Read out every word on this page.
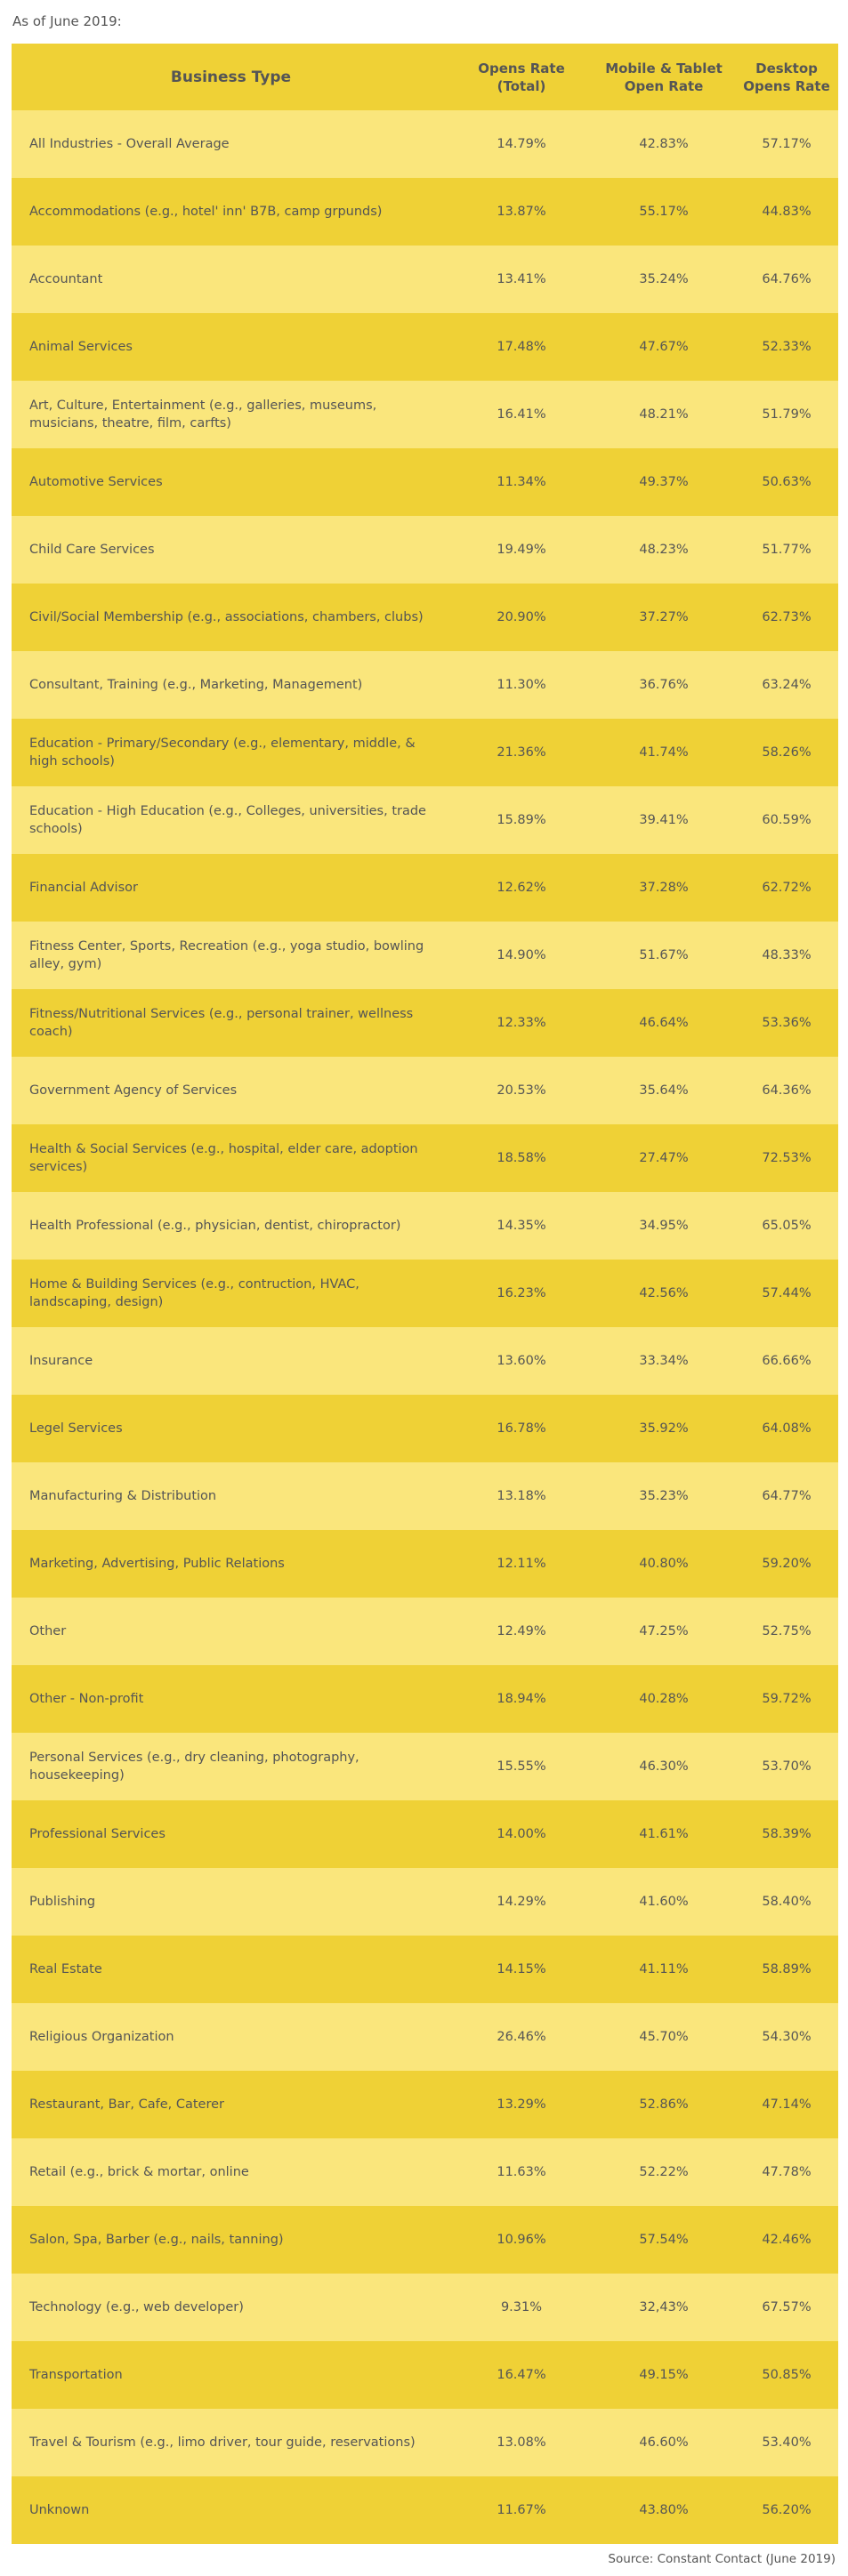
As of June 2019:
Business Type	Opens Rate (Total)	Mobile & Tablet Open Rate	Desktop Opens Rate
All Industries - Overall Average	14.79%	42.83%	57.17%
Accommodations (e.g., hotel' inn' B7B, camp grpunds)	13.87%	55.17%	44.83%
Accountant	13.41%	35.24%	64.76%
Animal Services	17.48%	47.67%	52.33%
Art, Culture, Entertainment (e.g., galleries, museums, musicians, theatre, film, carfts)	16.41%	48.21%	51.79%
Automotive Services	11.34%	49.37%	50.63%
Child Care Services	19.49%	48.23%	51.77%
Civil/Social Membership (e.g., associations, chambers, clubs)	20.90%	37.27%	62.73%
Consultant, Training (e.g., Marketing, Management)	11.30%	36.76%	63.24%
Education - Primary/Secondary (e.g., elementary, middle, & high schools)	21.36%	41.74%	58.26%
Education - High Education (e.g., Colleges, universities, trade schools)	15.89%	39.41%	60.59%
Financial Advisor	12.62%	37.28%	62.72%
Fitness Center, Sports, Recreation (e.g., yoga studio, bowling alley, gym)	14.90%	51.67%	48.33%
Fitness/Nutritional Services (e.g., personal trainer, wellness coach)	12.33%	46.64%	53.36%
Government Agency of Services	20.53%	35.64%	64.36%
Health & Social Services (e.g., hospital, elder care, adoption services)	18.58%	27.47%	72.53%
Health Professional (e.g., physician, dentist, chiropractor)	14.35%	34.95%	65.05%
Home & Building Services (e.g., contruction, HVAC, landscaping, design)	16.23%	42.56%	57.44%
Insurance	13.60%	33.34%	66.66%
Legel Services	16.78%	35.92%	64.08%
Manufacturing & Distribution	13.18%	35.23%	64.77%
Marketing, Advertising, Public Relations	12.11%	40.80%	59.20%
Other	12.49%	47.25%	52.75%
Other - Non-profit	18.94%	40.28%	59.72%
Personal Services (e.g., dry cleaning, photography, housekeeping)	15.55%	46.30%	53.70%
Professional Services	14.00%	41.61%	58.39%
Publishing	14.29%	41.60%	58.40%
Real Estate	14.15%	41.11%	58.89%
Religious Organization	26.46%	45.70%	54.30%
Restaurant, Bar, Cafe, Caterer	13.29%	52.86%	47.14%
Retail (e.g., brick & mortar, online	11.63%	52.22%	47.78%
Salon, Spa, Barber (e.g., nails, tanning)	10.96%	57.54%	42.46%
Technology (e.g., web developer)	9.31%	32,43%	67.57%
Transportation	16.47%	49.15%	50.85%
Travel & Tourism (e.g., limo driver, tour guide, reservations)	13.08%	46.60%	53.40%
Unknown	11.67%	43.80%	56.20%
Source: Constant Contact (June 2019)
